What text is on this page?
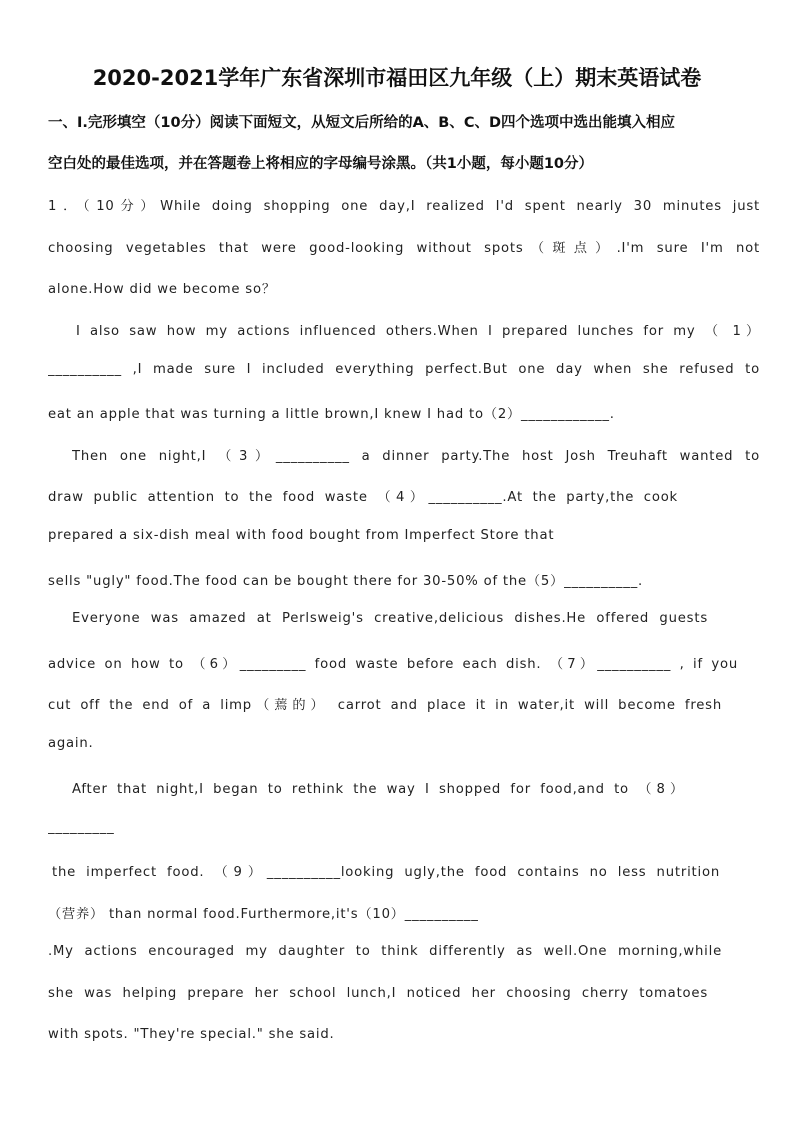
2020-2021学年广东省深圳市福田区九年级（上）期末英语试卷
一、I.完形填空（10分）阅读下面短文，从短文后所给的A、B、C、D四个选项中选出能填入相应
空白处的最佳选项，并在答题卷上将相应的字母编号涂黑。（共1小题，每小题10分）
1．（10分）While doing shopping one day,I realized I'd spent nearly 30 minutes just
choosing vegetables that were good-looking without spots（斑点）.I'm sure I'm not
alone.How did we become so？
I also saw how my actions influenced others.When I prepared lunches for my （ 1）
__________ ,I made sure I included everything perfect.But one day when she refused to
eat an apple that was turning a little brown,I knew I had to（2）____________.
Then one night,I （3）__________ a dinner party.The host Josh Treuhaft wanted to
draw public attention to the food waste （4）__________.At the party,the cook
prepared a six-dish meal with food bought from Imperfect Store that
sells "ugly" food.The food can be bought there for 30-50% of the（5）__________.
Everyone was amazed at Perlsweig's creative,delicious dishes.He offered guests
advice on how to （6）_________ food waste before each dish. （7）__________ , if you
cut off the end of a limp（蔫的） carrot and place it in water,it will become fresh
again.
After that night,I began to rethink the way I shopped for food,and to （8）
_________
the imperfect food. （9）__________looking ugly,the food contains no less nutrition
（营养） than normal food.Furthermore,it's（10）__________
.My actions encouraged my daughter to think differently as well.One morning,while
she was helping prepare her school lunch,I noticed her choosing cherry tomatoes
with spots. "They're special." she said.
